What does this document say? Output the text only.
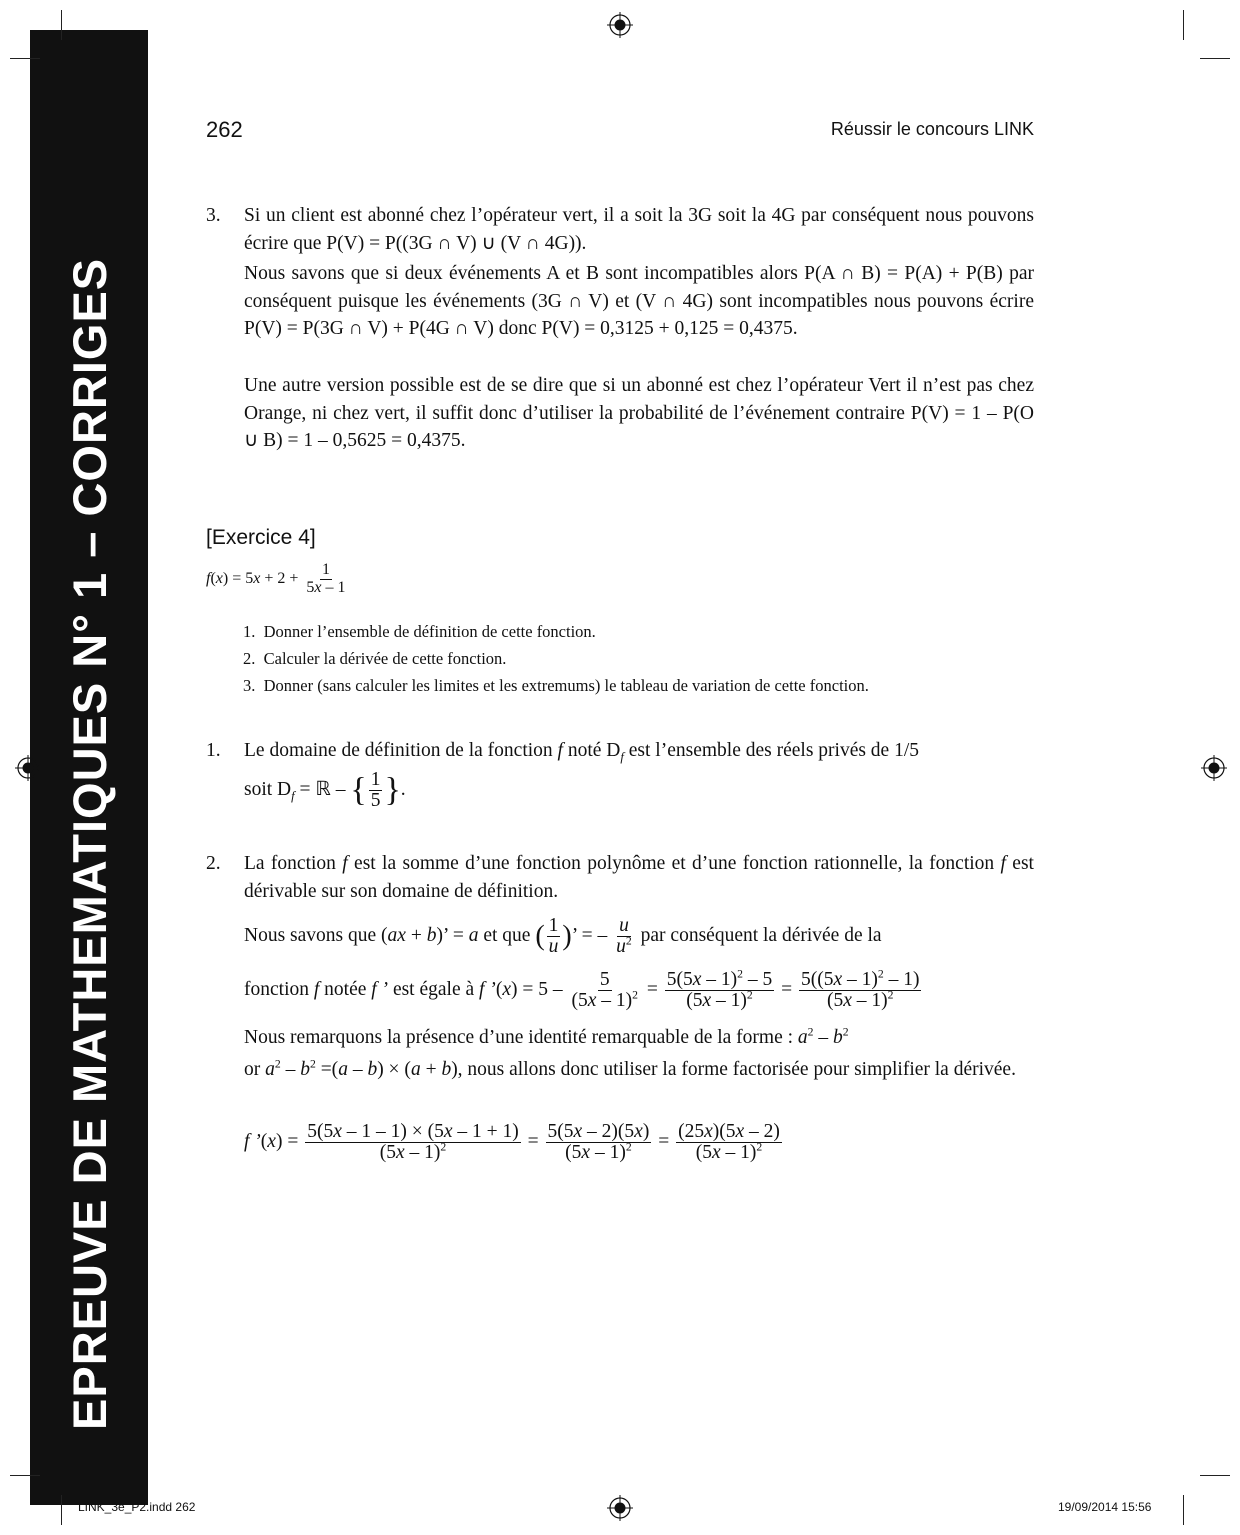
EPREUVE DE MATHEMATIQUES N° 1 – CORRIGES
262	Réussir le concours LINK
3. Si un client est abonné chez l’opérateur vert, il a soit la 3G soit la 4G par conséquent nous pouvons écrire que P(V) = P((3G ∩ V) ∪ (V ∩ 4G)).
Nous savons que si deux événements A et B sont incompatibles alors P(A ∩ B) = P(A) + P(B) par conséquent puisque les événements (3G ∩ V) et (V ∩ 4G) sont incompatibles nous pouvons écrire P(V) = P(3G ∩ V) + P(4G ∩ V) donc P(V) = 0,3125 + 0,125 = 0,4375.
Une autre version possible est de se dire que si un abonné est chez l’opérateur Vert il n’est pas chez Orange, ni chez vert, il suffit donc d’utiliser la probabilité de l’événement contraire P(V) = 1 – P(O ∪ B) = 1 – 0,5625 = 0,4375.
[Exercice 4]
$f(x) = 5x + 2 + \frac{1}{5x - 1}$
1.  Donner l’ensemble de définition de cette fonction.
2.  Calculer la dérivée de cette fonction.
3.  Donner (sans calculer les limites et les extremums) le tableau de variation de cette fonction.
1. Le domaine de définition de la fonction f noté $D_f$ est l’ensemble des réels privés de 1/5
soit $D_f$ = ℝ – { $\frac{1}{5}$ }.
2. La fonction f est la somme d’une fonction polynôme et d’une fonction rationnelle, la fonction f est dérivable sur son domaine de définition.
Nous savons que (ax + b)’ = a et que ( $\frac{1}{u}$ )’ = – $\frac{u}{u^2}$ par conséquent la dérivée de la
fonction f notée f ’ est égale à f ’(x) = $5 - \frac{5}{(5x - 1)^2} = \frac{5(5x - 1)^2 - 5}{(5x - 1)^2} = \frac{5((5x - 1)^2 - 1)}{(5x - 1)^2}$
Nous remarquons la présence d’une identité remarquable de la forme : $a^2 - b^2$
or $a^2 - b^2 =(a - b) \times (a + b)$, nous allons donc utiliser la forme factorisée pour simplifier la dérivée.
f ’(x) = $\frac{5(5x - 1 - 1) \times (5x - 1 + 1)}{(5x - 1)^2} = \frac{5(5x - 2)(5x)}{(5x - 1)^2} = \frac{(25x)(5x - 2)}{(5x - 1)^2}$
LINK_3e_P2.indd 262	19/09/2014 15:56
